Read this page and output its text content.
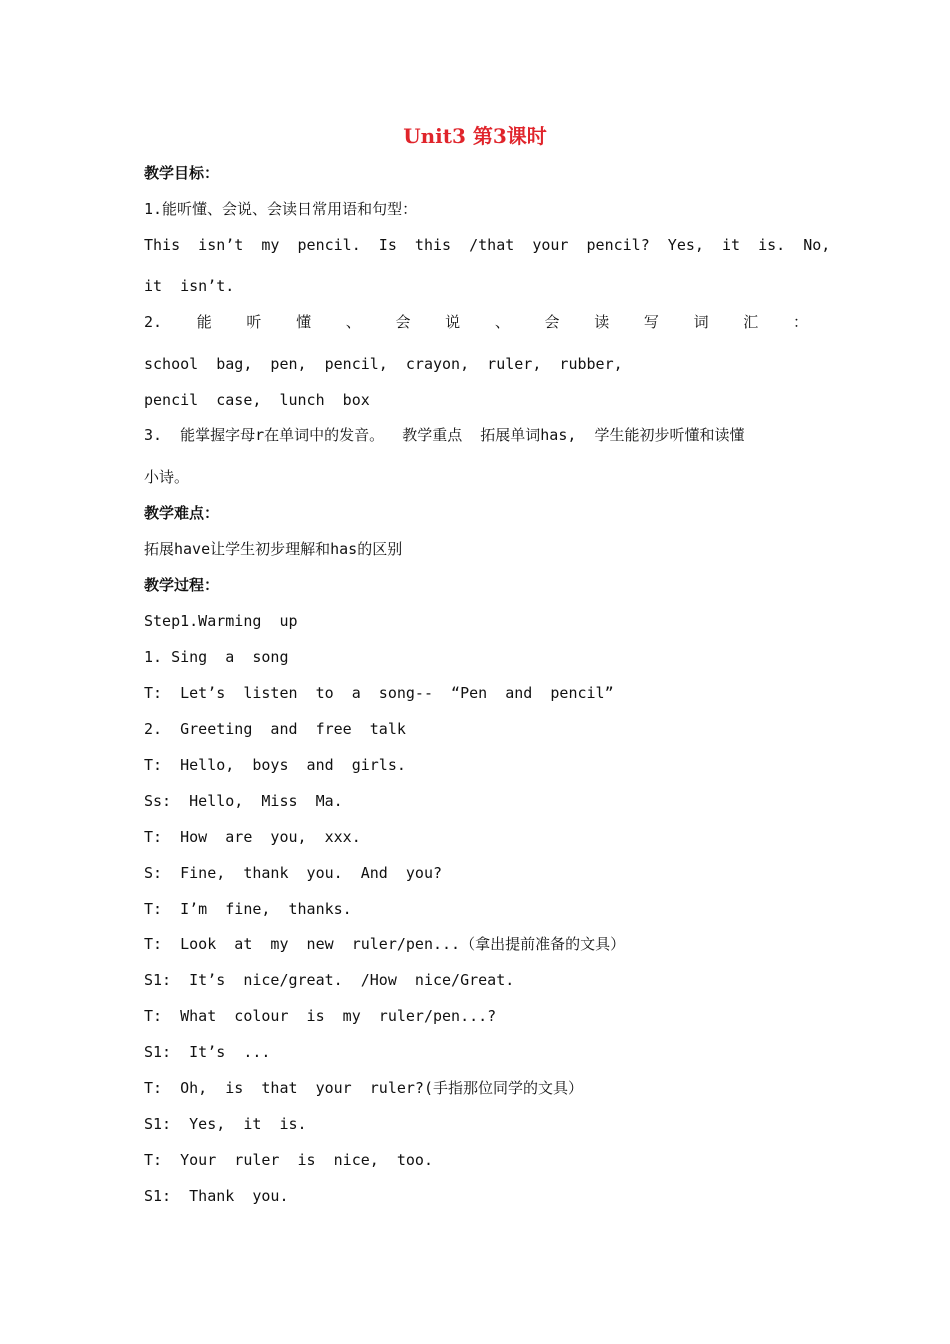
Unit3 第3课时
教学目标：
1.能听懂、会说、会读日常用语和句型：
This  isn’t  my  pencil.  Is  this  /that  your  pencil?  Yes,  it  is.  No,
it  isn’t.
2. 能 听 懂 、 会 说 、 会 读 写 词 汇 ：
school  bag,  pen,  pencil,  crayon,  ruler,  rubber,
pencil  case,  lunch  box
3.  能掌握字母r在单词中的发音。  教学重点  拓展单词has,  学生能初步听懂和读懂
小诗。
教学难点：
拓展have让学生初步理解和has的区别
教学过程：
Step1.Warming  up
1. Sing  a  song
T:  Let’s  listen  to  a  song--  “Pen  and  pencil”
2.  Greeting  and  free  talk
T:  Hello,  boys  and  girls.
Ss:  Hello,  Miss  Ma.
T:  How  are  you,  xxx.
S:  Fine,  thank  you.  And  you?
T:  I’m  fine,  thanks.
T:  Look  at  my  new  ruler/pen...（拿出提前准备的文具）
S1:  It’s  nice/great.  /How  nice/Great.
T:  What  colour  is  my  ruler/pen...?
S1:  It’s  ...
T:  Oh,  is  that  your  ruler?(手指那位同学的文具）
S1:  Yes,  it  is.
T:  Your  ruler  is  nice,  too.
S1:  Thank  you.
